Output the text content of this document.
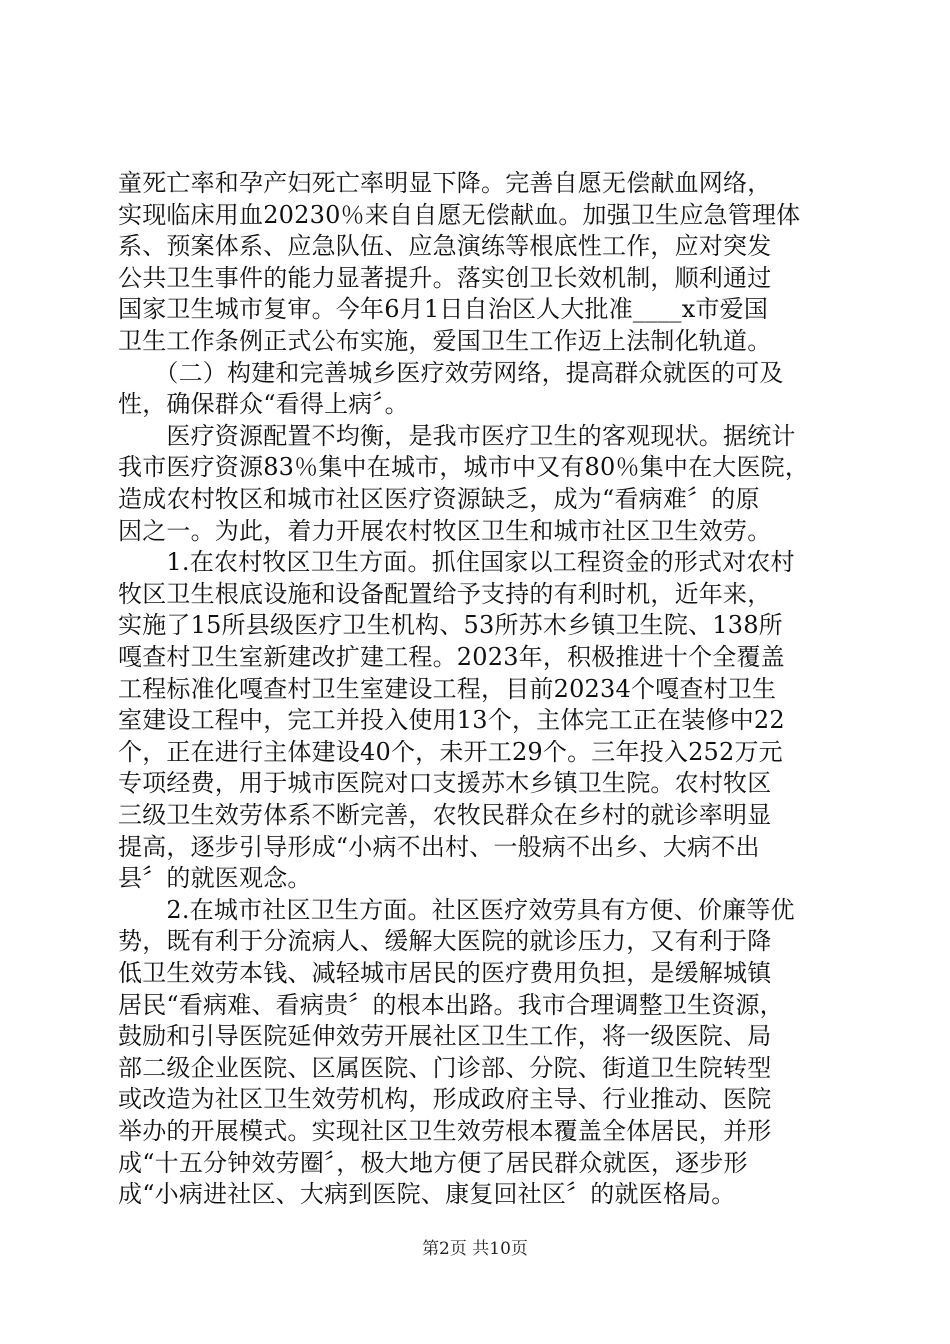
童死亡率和孕产妇死亡率明显下降。完善自愿无偿献血网络，
实现临床用血20230％来自自愿无偿献血。加强卫生应急管理体
系、预案体系、应急队伍、应急演练等根底性工作，应对突发
公共卫生事件的能力显著提升。落实创卫长效机制，顺利通过
国家卫生城市复审。今年6月1日自治区人大批准____x市爱国
卫生工作条例正式公布实施，爱国卫生工作迈上法制化轨道。
　　（二）构建和完善城乡医疗效劳网络，提高群众就医的可及
性，确保群众“看得上病〞。
　　医疗资源配置不均衡，是我市医疗卫生的客观现状。据统计
我市医疗资源83％集中在城市，城市中又有80％集中在大医院，
造成农村牧区和城市社区医疗资源缺乏，成为“看病难〞的原
因之一。为此，着力开展农村牧区卫生和城市社区卫生效劳。
　　1.在农村牧区卫生方面。抓住国家以工程资金的形式对农村
牧区卫生根底设施和设备配置给予支持的有利时机，近年来，
实施了15所县级医疗卫生机构、53所苏木乡镇卫生院、138所
嘎查村卫生室新建改扩建工程。2023年，积极推进十个全覆盖
工程标准化嘎查村卫生室建设工程，目前20234个嘎查村卫生
室建设工程中，完工并投入使用13个，主体完工正在装修中22
个，正在进行主体建设40个，未开工29个。三年投入252万元
专项经费，用于城市医院对口支援苏木乡镇卫生院。农村牧区
三级卫生效劳体系不断完善，农牧民群众在乡村的就诊率明显
提高，逐步引导形成“小病不出村、一般病不出乡、大病不出
县〞的就医观念。
　　2.在城市社区卫生方面。社区医疗效劳具有方便、价廉等优
势，既有利于分流病人、缓解大医院的就诊压力，又有利于降
低卫生效劳本钱、减轻城市居民的医疗费用负担，是缓解城镇
居民“看病难、看病贵〞的根本出路。我市合理调整卫生资源，
鼓励和引导医院延伸效劳开展社区卫生工作，将一级医院、局
部二级企业医院、区属医院、门诊部、分院、街道卫生院转型
或改造为社区卫生效劳机构，形成政府主导、行业推动、医院
第2页 共10页
举办的开展模式。实现社区卫生效劳根本覆盖全体居民，并形
成“十五分钟效劳圈〞，极大地方便了居民群众就医，逐步形
成“小病进社区、大病到医院、康复回社区〞的就医格局。
